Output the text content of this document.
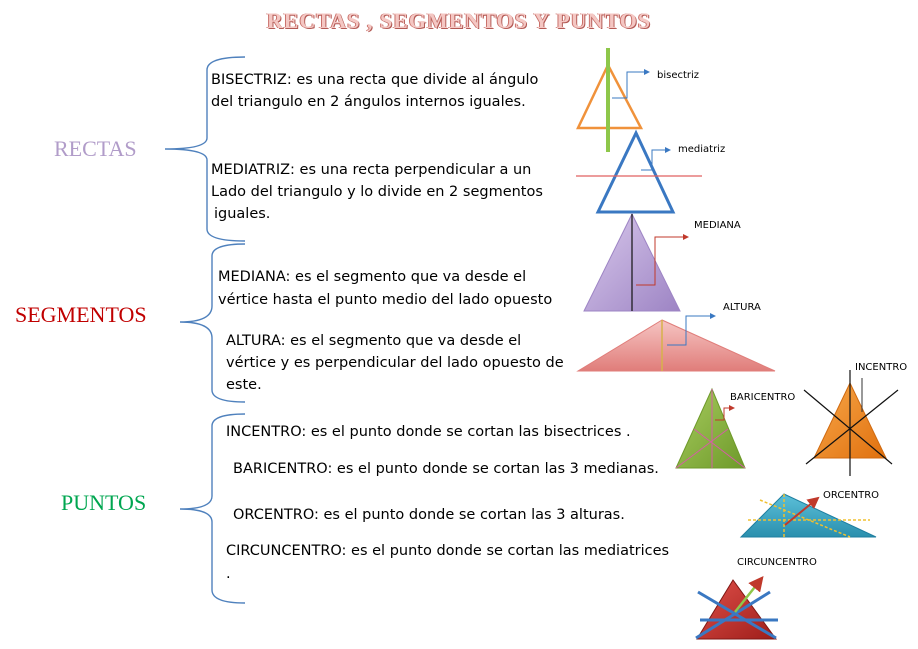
RECTAS , SEGMENTOS Y PUNTOS
RECTAS
SEGMENTOS
PUNTOS
BISECTRIZ: es una recta que divide al ángulo
del triangulo en 2 ángulos internos iguales.
MEDIATRIZ: es una recta perpendicular a un
Lado del triangulo y lo divide en 2 segmentos
iguales.
MEDIANA: es el segmento que va desde el
vértice hasta el punto medio del lado opuesto
ALTURA: es el segmento que va desde el
vértice y es perpendicular del lado opuesto de
este.
INCENTRO: es el punto donde se cortan las bisectrices .
BARICENTRO: es el punto donde se cortan las 3 medianas.
ORCENTRO: es el punto donde se cortan las 3 alturas.
CIRCUNCENTRO: es el punto donde se cortan las mediatrices
.
bisectriz
mediatriz
MEDIANA
ALTURA
INCENTRO
BARICENTRO
ORCENTRO
CIRCUNCENTRO
